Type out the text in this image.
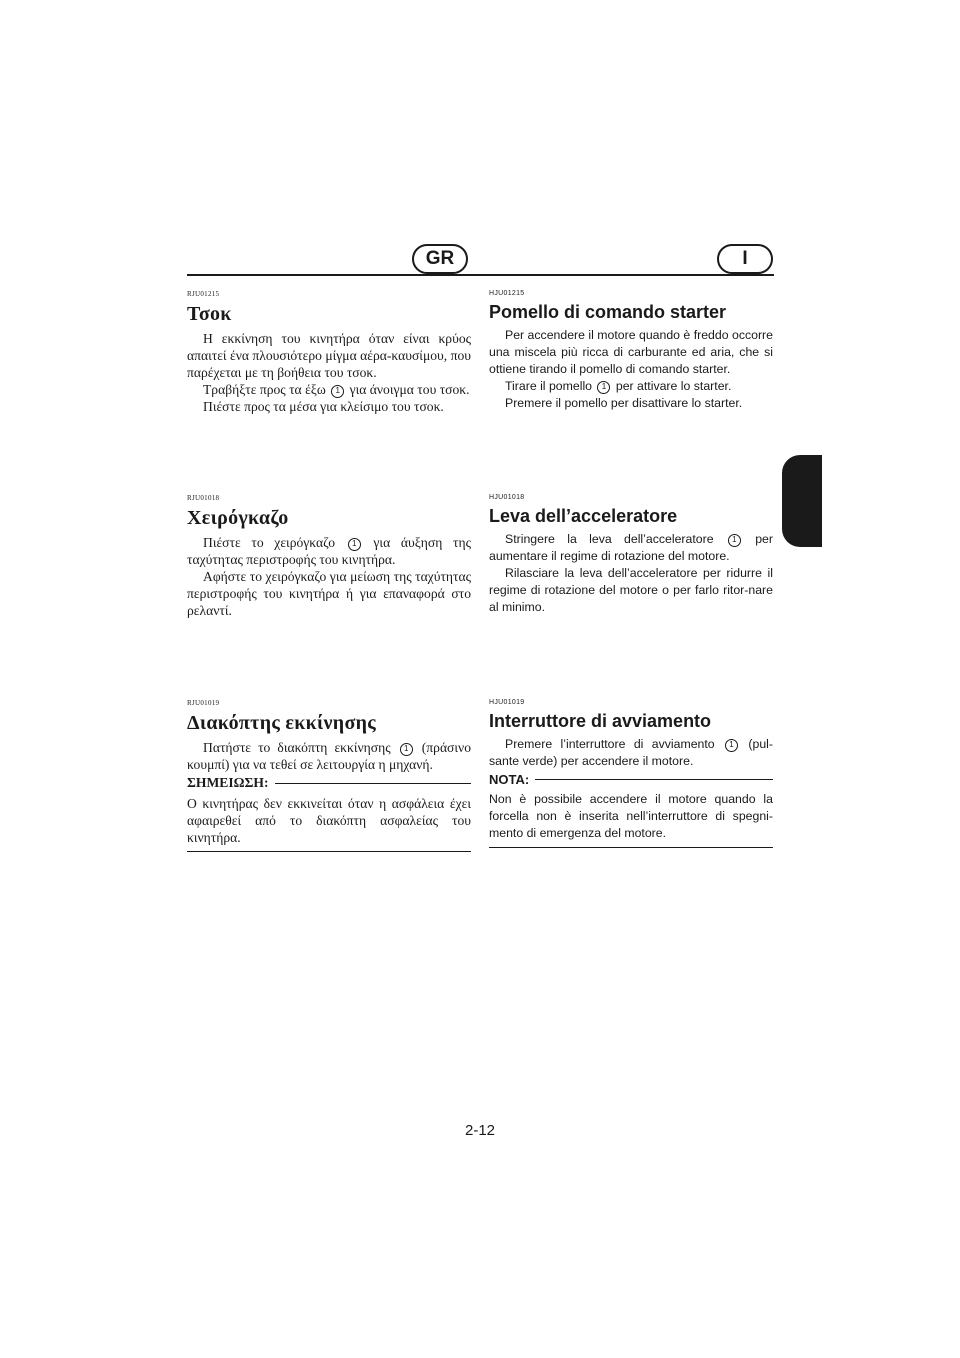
GR	I
RJU01215
Τσοκ

Η εκκίνηση του κινητήρα όταν είναι κρύος απαιτεί ένα πλουσιότερο μίγμα αέρα-καυσίμου, που παρέχεται με τη βοήθεια του τσοκ.

Τραβήξτε προς τα έξω 1 για άνοιγμα του τσοκ.

Πιέστε προς τα μέσα για κλείσιμο του τσοκ.

RJU01018
Χειρόγκαζο

Πιέστε το χειρόγκαζο 1 για άυξηση της ταχύτητας περιστροφής του κινητήρα.

Αφήστε το χειρόγκαζο για μείωση της ταχύτητας περιστροφής του κινητήρα ή για επαναφορά στο ρελαντί.

RJU01019
Διακόπτης εκκίνησης

Πατήστε το διακόπτη εκκίνησης 1 (πράσινο κουμπί) για να τεθεί σε λειτουργία η μηχανή.

ΣΗΜΕΙΩΣΗ:

Ο κινητήρας δεν εκκινείται όταν η ασφάλεια έχει αφαιρεθεί από το διακόπτη ασφαλείας του κινητήρα.

HJU01215
Pomello di comando starter

Per accendere il motore quando è freddo occorre una miscela più ricca di carburante ed aria, che si ottiene tirando il pomello di comando starter.

Tirare il pomello 1 per attivare lo starter.

Premere il pomello per disattivare lo starter.

HJU01018
Leva dell’acceleratore

Stringere la leva dell’acceleratore 1 per aumentare il regime di rotazione del motore.

Rilasciare la leva dell’acceleratore per ridurre il regime di rotazione del motore o per farlo ritor-nare al minimo.

HJU01019
Interruttore di avviamento

Premere l’interruttore di avviamento 1 (pul-sante verde) per accendere il motore.

NOTA:

Non è possibile accendere il motore quando la forcella non è inserita nell’interruttore di spegni-mento di emergenza del motore.

2-12
